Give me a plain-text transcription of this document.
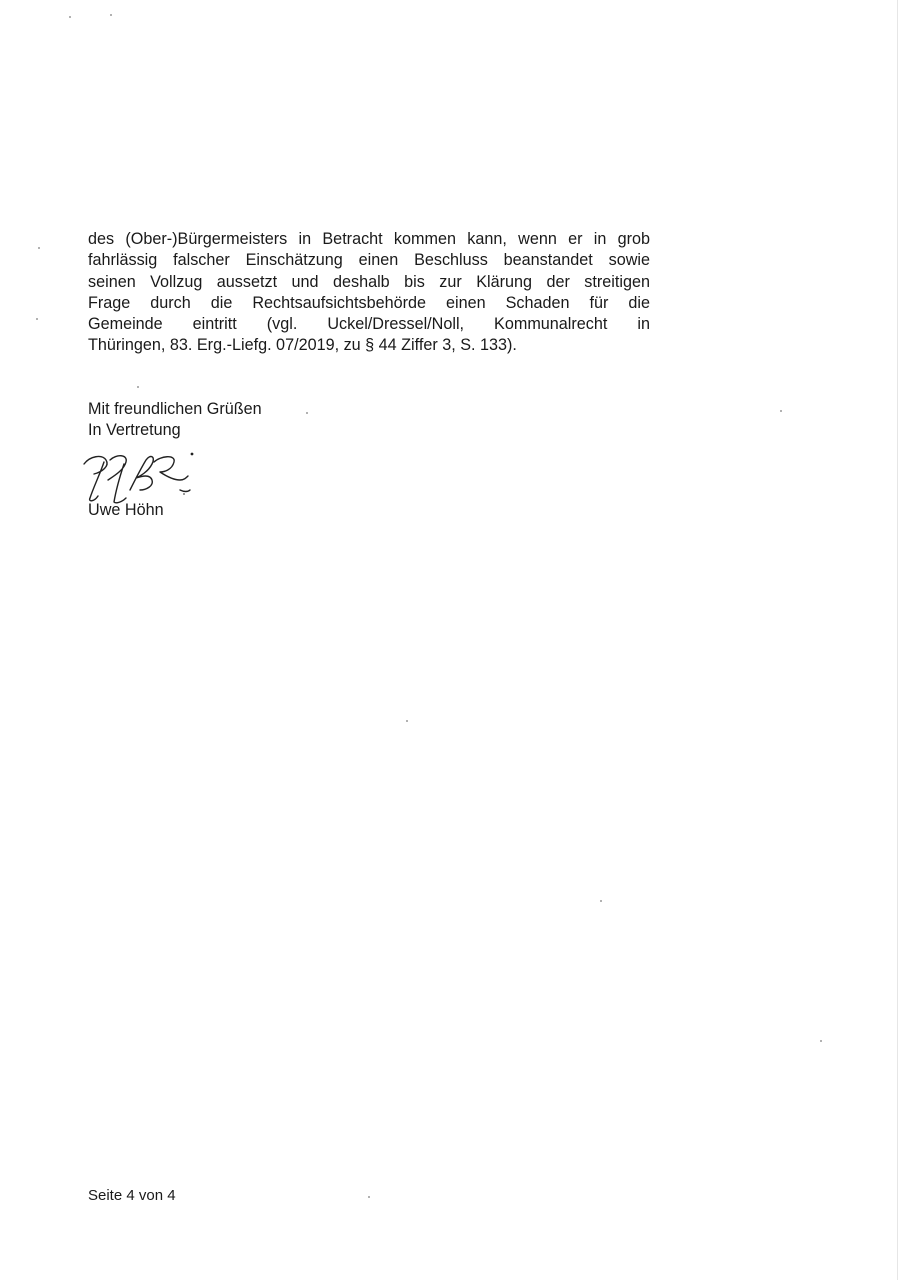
des (Ober-)Bürgermeisters in Betracht kommen kann, wenn er in grob
fahrlässig falscher Einschätzung einen Beschluss beanstandet sowie
seinen Vollzug aussetzt und deshalb bis zur Klärung der streitigen
Frage durch die Rechtsaufsichtsbehörde einen Schaden für die
Gemeinde eintritt (vgl. Uckel/Dressel/Noll, Kommunalrecht in
Thüringen, 83. Erg.-Liefg. 07/2019, zu § 44 Ziffer 3, S. 133).

Mit freundlichen Grüßen
In Vertretung
Uwe Höhn
Seite 4 von 4
